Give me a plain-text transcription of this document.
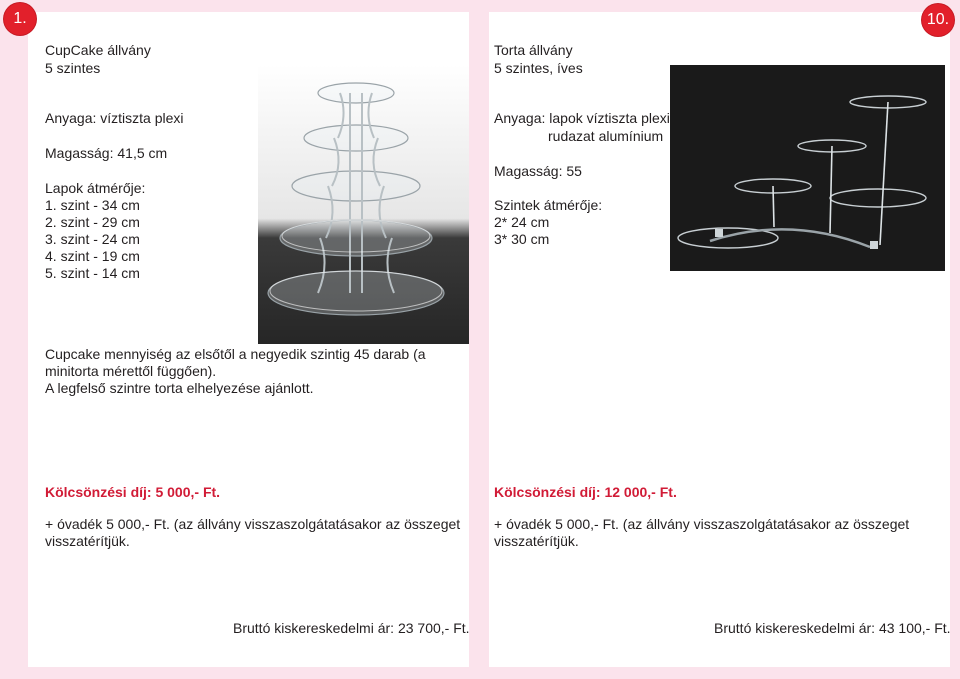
1.	10.
CupCake állvány
5 szintes
Anyaga: víztiszta plexi
Magasság: 41,5 cm
Lapok átmérője:
1. szint - 34 cm
2. szint - 29 cm
3. szint - 24 cm
4. szint - 19 cm
5. szint - 14 cm
Cupcake mennyiség az elsőtől a negyedik szintig 45 darab (a
minitorta mérettől függően).
A legfelső szintre torta elhelyezése ajánlott.
Kölcsönzési díj: 5 000,- Ft.
+ óvadék 5 000,- Ft. (az állvány visszaszolgátatásakor az összeget
visszatérítjük.
Bruttó kiskereskedelmi ár: 23 700,- Ft.
Torta állvány
5 szintes, íves
Anyaga: lapok víztiszta plexi
rudazat alumínium
Magasság: 55
Szintek átmérője:
2* 24 cm
3* 30 cm
Kölcsönzési díj: 12 000,- Ft.
+ óvadék 5 000,- Ft. (az állvány visszaszolgátatásakor az összeget
visszatérítjük.
Bruttó kiskereskedelmi ár: 43 100,- Ft.
